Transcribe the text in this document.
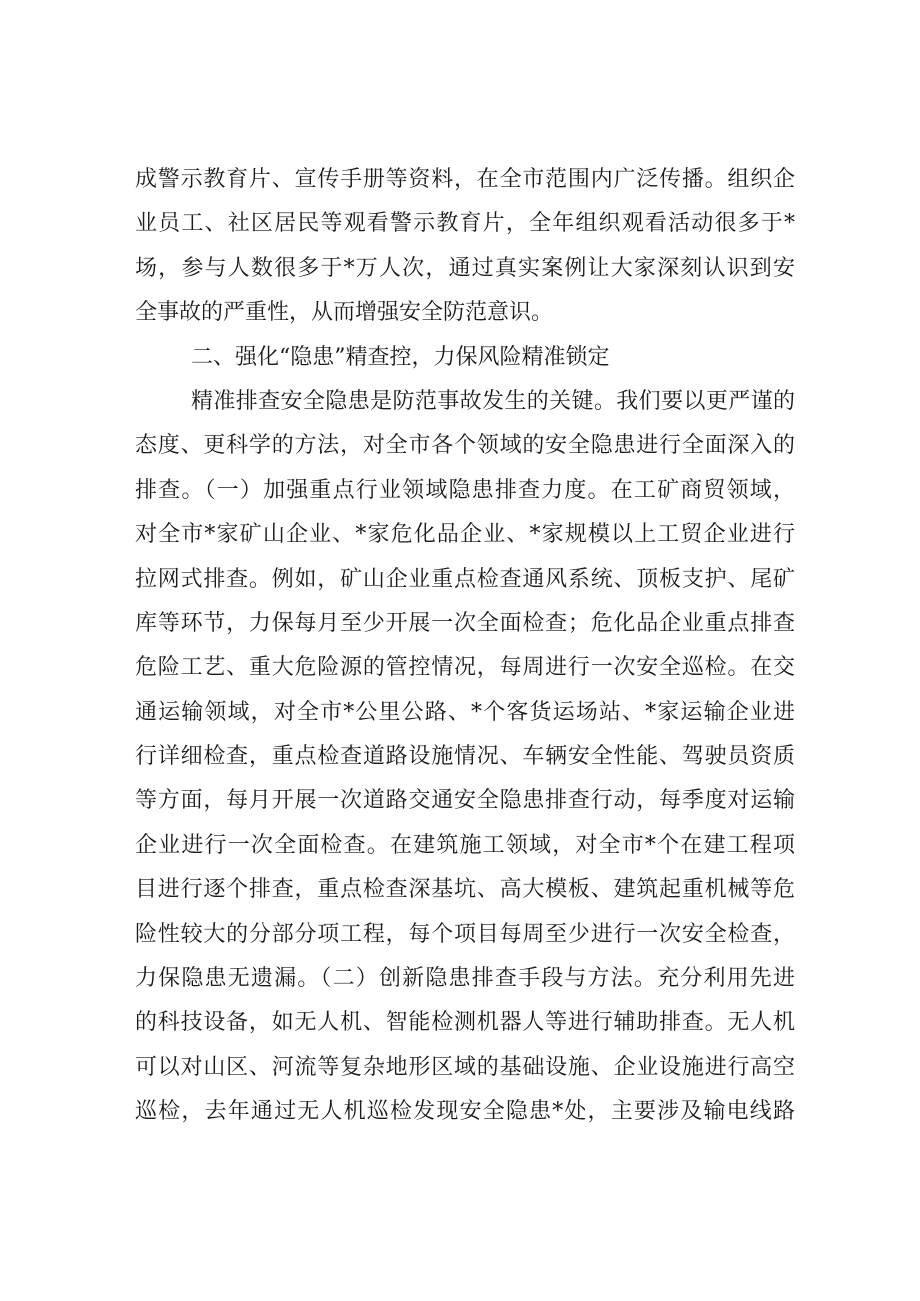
成警示教育片、宣传手册等资料，在全市范围内广泛传播。组织企
业员工、社区居民等观看警示教育片，全年组织观看活动很多于*
场，参与人数很多于*万人次，通过真实案例让大家深刻认识到安
全事故的严重性，从而增强安全防范意识。
二、强化“隐患”精查控，力保风险精准锁定
精准排查安全隐患是防范事故发生的关键。我们要以更严谨的
态度、更科学的方法，对全市各个领域的安全隐患进行全面深入的
排查。（一）加强重点行业领域隐患排查力度。在工矿商贸领域，
对全市*家矿山企业、*家危化品企业、*家规模以上工贸企业进行
拉网式排查。例如，矿山企业重点检查通风系统、顶板支护、尾矿
库等环节，力保每月至少开展一次全面检查；危化品企业重点排查
危险工艺、重大危险源的管控情况，每周进行一次安全巡检。在交
通运输领域，对全市*公里公路、*个客货运场站、*家运输企业进
行详细检查，重点检查道路设施情况、车辆安全性能、驾驶员资质
等方面，每月开展一次道路交通安全隐患排查行动，每季度对运输
企业进行一次全面检查。在建筑施工领域，对全市*个在建工程项
目进行逐个排查，重点检查深基坑、高大模板、建筑起重机械等危
险性较大的分部分项工程，每个项目每周至少进行一次安全检查，
力保隐患无遗漏。（二）创新隐患排查手段与方法。充分利用先进
的科技设备，如无人机、智能检测机器人等进行辅助排查。无人机
可以对山区、河流等复杂地形区域的基础设施、企业设施进行高空
巡检，去年通过无人机巡检发现安全隐患*处，主要涉及输电线路
